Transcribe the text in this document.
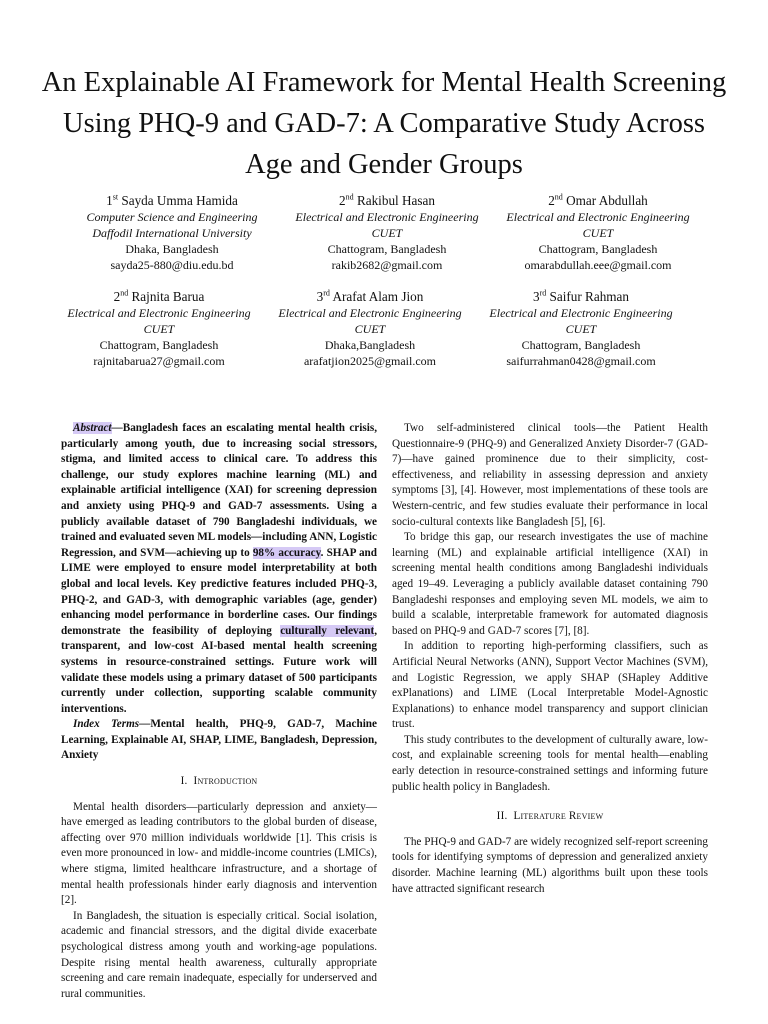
An Explainable AI Framework for Mental Health Screening Using PHQ-9 and GAD-7: A Comparative Study Across Age and Gender Groups
1st Sayda Umma Hamida
Computer Science and Engineering
Daffodil International University
Dhaka, Bangladesh
sayda25-880@diu.edu.bd
2nd Rakibul Hasan
Electrical and Electronic Engineering
CUET
Chattogram, Bangladesh
rakib2682@gmail.com
2nd Omar Abdullah
Electrical and Electronic Engineering
CUET
Chattogram, Bangladesh
omarabdullah.eee@gmail.com
2nd Rajnita Barua
Electrical and Electronic Engineering
CUET
Chattogram, Bangladesh
rajnitabarua27@gmail.com
3rd Arafat Alam Jion
Electrical and Electronic Engineering
CUET
Dhaka,Bangladesh
arafatjion2025@gmail.com
3rd Saifur Rahman
Electrical and Electronic Engineering
CUET
Chattogram, Bangladesh
saifurrahman0428@gmail.com

Abstract—Bangladesh faces an escalating mental health crisis, particularly among youth, due to increasing social stressors, stigma, and limited access to clinical care. To address this challenge, our study explores machine learning (ML) and explainable artificial intelligence (XAI) for screening depression and anxiety using PHQ-9 and GAD-7 assessments. Using a publicly available dataset of 790 Bangladeshi individuals, we trained and evaluated seven ML models—including ANN, Logistic Regression, and SVM—achieving up to 98% accuracy. SHAP and LIME were employed to ensure model interpretability at both global and local levels. Key predictive features included PHQ-3, PHQ-2, and GAD-3, with demographic variables (age, gender) enhancing model performance in borderline cases. Our findings demonstrate the feasibility of deploying culturally relevant, transparent, and low-cost AI-based mental health screening systems in resource-constrained settings. Future work will validate these models using a primary dataset of 500 participants currently under collection, supporting scalable community interventions.

Index Terms—Mental health, PHQ-9, GAD-7, Machine Learning, Explainable AI, SHAP, LIME, Bangladesh, Depression, Anxiety

I. Introduction

Mental health disorders—particularly depression and anxiety—have emerged as leading contributors to the global burden of disease, affecting over 970 million individuals worldwide [1]. This crisis is even more pronounced in low- and middle-income countries (LMICs), where stigma, limited healthcare infrastructure, and a shortage of mental health professionals hinder early diagnosis and intervention [2].

In Bangladesh, the situation is especially critical. Social isolation, academic and financial stressors, and the digital divide exacerbate psychological distress among youth and working-age populations. Despite rising mental health awareness, culturally appropriate screening and care remain inadequate, especially for underserved and rural communities.

Two self-administered clinical tools—the Patient Health Questionnaire-9 (PHQ-9) and Generalized Anxiety Disorder-7 (GAD-7)—have gained prominence due to their simplicity, cost-effectiveness, and reliability in assessing depression and anxiety symptoms [3], [4]. However, most implementations of these tools are Western-centric, and few studies evaluate their performance in local socio-cultural contexts like Bangladesh [5], [6].

To bridge this gap, our research investigates the use of machine learning (ML) and explainable artificial intelligence (XAI) in screening mental health conditions among Bangladeshi individuals aged 19–49. Leveraging a publicly available dataset containing 790 Bangladeshi responses and employing seven ML models, we aim to build a scalable, interpretable framework for automated diagnosis based on PHQ-9 and GAD-7 scores [7], [8].

In addition to reporting high-performing classifiers, such as Artificial Neural Networks (ANN), Support Vector Machines (SVM), and Logistic Regression, we apply SHAP (SHapley Additive exPlanations) and LIME (Local Interpretable Model-Agnostic Explanations) to enhance model transparency and support clinician trust.

This study contributes to the development of culturally aware, low-cost, and explainable screening tools for mental health—enabling early detection in resource-constrained settings and informing future public health policy in Bangladesh.

II. Literature Review

The PHQ-9 and GAD-7 are widely recognized self-report screening tools for identifying symptoms of depression and generalized anxiety disorder. Machine learning (ML) algorithms built upon these tools have attracted significant research
